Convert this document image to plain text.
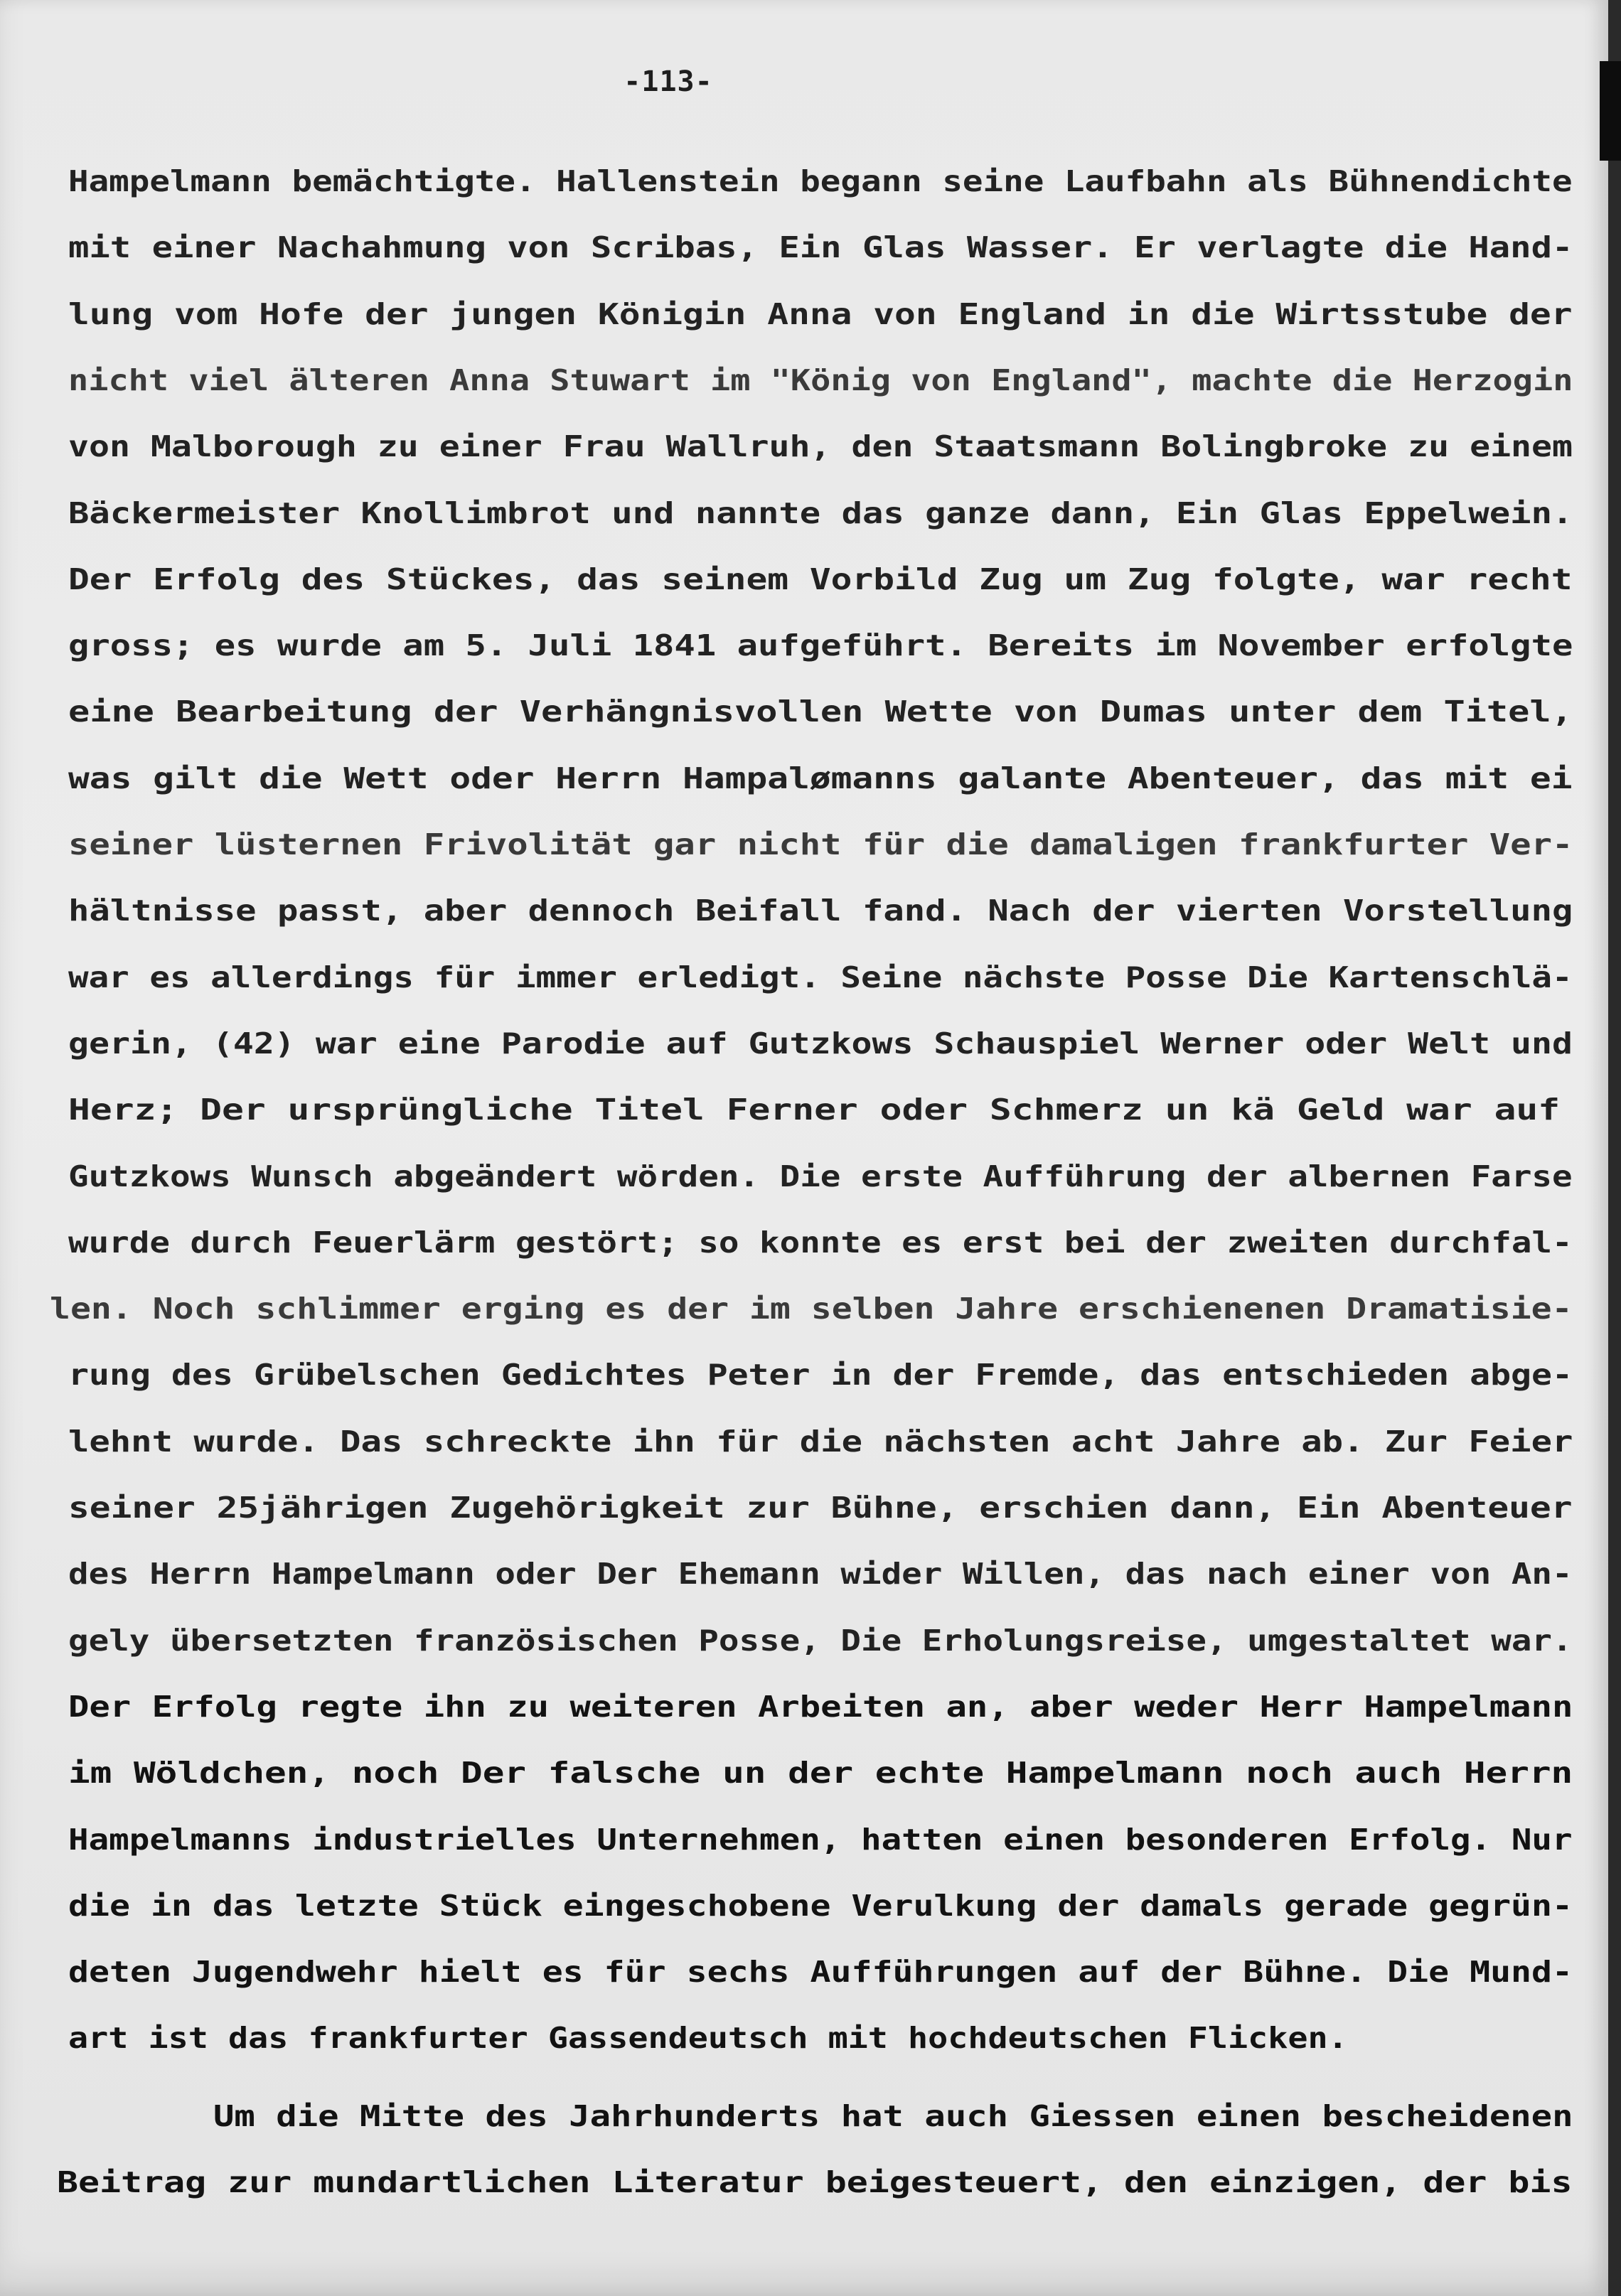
-113-
Hampelmann bemächtigte. Hallenstein begann seine Laufbahn als Bühnendichte
mit einer Nachahmung von Scribas, Ein Glas Wasser. Er verlagte die Hand-
lung vom Hofe der jungen Königin Anna von England in die Wirtsstube der
nicht viel älteren Anna Stuwart im "König von England", machte die Herzogin
von Malborough zu einer Frau Wallruh, den Staatsmann Bolingbroke zu einem
Bäckermeister Knollimbrot und nannte das ganze dann, Ein Glas Eppelwein.
Der Erfolg des Stückes, das seinem Vorbild Zug um Zug folgte, war recht
gross; es wurde am 5. Juli 1841 aufgeführt. Bereits im November erfolgte
eine Bearbeitung der Verhängnisvollen Wette von Dumas unter dem Titel,
was gilt die Wett oder Herrn Hampalømanns galante Abenteuer, das mit ei
seiner lüsternen Frivolität gar nicht für die damaligen frankfurter Ver-
hältnisse passt, aber dennoch Beifall fand. Nach der vierten Vorstellung
war es allerdings für immer erledigt. Seine nächste Posse Die Kartenschlä-
gerin, (42) war eine Parodie auf Gutzkows Schauspiel Werner oder Welt und
Herz; Der ursprüngliche Titel Ferner oder Schmerz un kä Geld war auf
Gutzkows Wunsch abgeändert wörden. Die erste Aufführung der albernen Farse
wurde durch Feuerlärm gestört; so konnte es erst bei der zweiten durchfal-
len. Noch schlimmer erging es der im selben Jahre erschienenen Dramatisie-
rung des Grübelschen Gedichtes Peter in der Fremde, das entschieden abge-
lehnt wurde. Das schreckte ihn für die nächsten acht Jahre ab. Zur Feier
seiner 25jährigen Zugehörigkeit zur Bühne, erschien dann, Ein Abenteuer
des Herrn Hampelmann oder Der Ehemann wider Willen, das nach einer von An-
gely übersetzten französischen Posse, Die Erholungsreise, umgestaltet war.
Der Erfolg regte ihn zu weiteren Arbeiten an, aber weder Herr Hampelmann
im Wöldchen, noch Der falsche un der echte Hampelmann noch auch Herrn
Hampelmanns industrielles Unternehmen, hatten einen besonderen Erfolg. Nur
die in das letzte Stück eingeschobene Verulkung der damals gerade gegrün-
deten Jugendwehr hielt es für sechs Aufführungen auf der Bühne. Die Mund-
art ist das frankfurter Gassendeutsch mit hochdeutschen Flicken.
Um die Mitte des Jahrhunderts hat auch Giessen einen bescheidenen
Beitrag zur mundartlichen Literatur beigesteuert, den einzigen, der bis
